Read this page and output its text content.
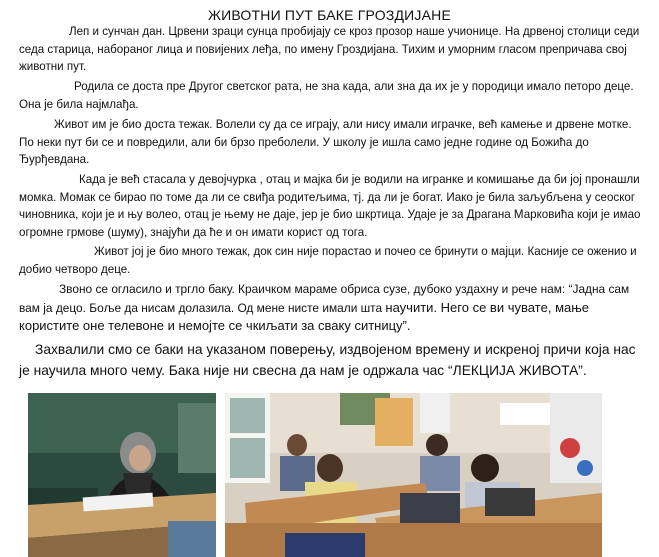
ЖИВОТНИ ПУТ БАКЕ ГРОЗДИЈАНЕ

Леп и сунчан дан. Црвени зраци сунца пробијају се кроз прозор наше учионице. На дрвеној столици седи седа старица, набораног лица и повијених леђа, по имену Гроздијана. Тихим и уморним гласом препричава свој животни пут.

Родила се доста пре Другог светског рата, не зна када, али зна да их је у породици имало петоро деце. Она је била најмлађа.

Живот им је био доста тежак. Волели су да се играју, али нису имали играчке, већ камење и дрвене мотке. По неки пут би се и повредили, али би брзо преболели. У школу је ишла само једне године од Божића до Ђурђевдана.

Када је већ стасала у девојчурка , отац и мајка би је водили на игранке и комишање да би јој пронашли момка. Момак се бирао по томе да ли се свиђа родитељима, тј. да ли је богат. Иако је била заљубљена у сеоског чиновника, који је и њу волео, отац је њему не даје, јер је био шкртица. Удаје је за Драгана Марковића који је имао огромне грмове (шуму), знајући да ће и он имати корист од тога.

Живот јој је био много тежак, док син није порастао и почео се бринути о мајци. Касније се оженио и добио четворо деце.

Звоно се огласило и тргло баку. Краичком мараме обриса сузе, дубоко уздахну и рече нам: “Јадна сам вам ја децо. Боље да нисам долазила. Од мене нисте имали шта научити. Него се ви чуватe, мање користите оне телевоне и немојте се чкиљати за сваку ситницу”.

Захвалили смо се баки на указаном поверењу, издвојеном времену и искреној причи која нас је научила много чему. Бака није ни свесна да нам је одржала час “ЛЕКЦИЈА ЖИВОТА”.
